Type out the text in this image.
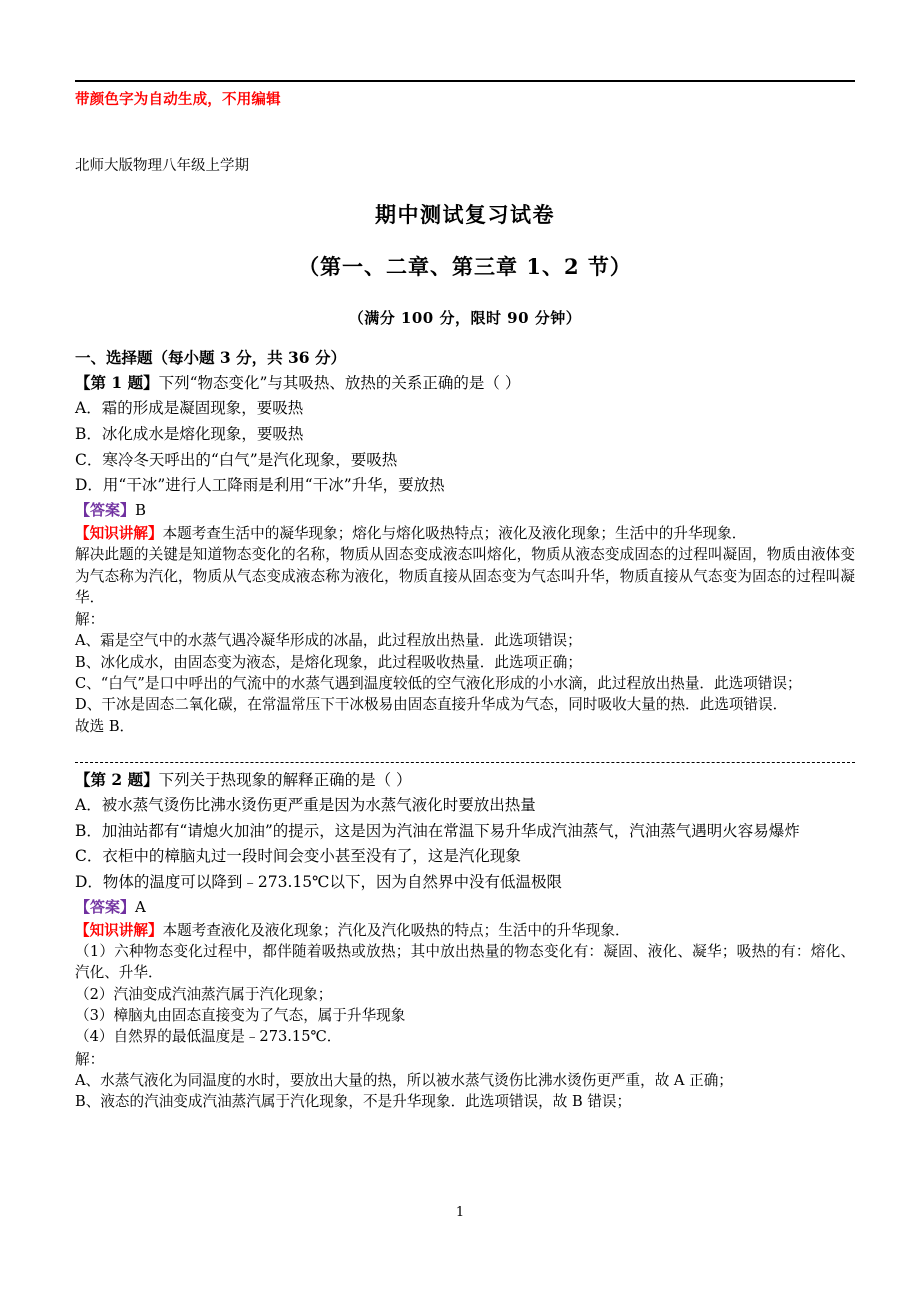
带颜色字为自动生成，不用编辑
北师大版物理八年级上学期
期中测试复习试卷
（第一、二章、第三章 1、2 节）
（满分 100 分，限时 90 分钟）
一、选择题（每小题 3 分，共 36 分）
【第 1 题】下列“物态变化”与其吸热、放热的关系正确的是（ ）
A．霜的形成是凝固现象，要吸热
B．冰化成水是熔化现象，要吸热
C．寒冷冬天呼出的“白气”是汽化现象，要吸热
D．用“干冰”进行人工降雨是利用“干冰”升华，要放热
【答案】B
【知识讲解】本题考查生活中的凝华现象；熔化与熔化吸热特点；液化及液化现象；生活中的升华现象．
解决此题的关键是知道物态变化的名称，物质从固态变成液态叫熔化，物质从液态变成固态的过程叫凝固，物质由液体变为气态称为汽化，物质从气态变成液态称为液化，物质直接从固态变为气态叫升华，物质直接从气态变为固态的过程叫凝华．
解：
A、霜是空气中的水蒸气遇冷凝华形成的冰晶，此过程放出热量．此选项错误；
B、冰化成水，由固态变为液态，是熔化现象，此过程吸收热量．此选项正确；
C、“白气”是口中呼出的气流中的水蒸气遇到温度较低的空气液化形成的小水滴，此过程放出热量．此选项错误；
D、干冰是固态二氧化碳，在常温常压下干冰极易由固态直接升华成为气态，同时吸收大量的热．此选项错误．
故选 B．
【第 2 题】下列关于热现象的解释正确的是（ ）
A．被水蒸气烫伤比沸水烫伤更严重是因为水蒸气液化时要放出热量
B．加油站都有“请熄火加油”的提示，这是因为汽油在常温下易升华成汽油蒸气，汽油蒸气遇明火容易爆炸
C．衣柜中的樟脑丸过一段时间会变小甚至没有了，这是汽化现象
D．物体的温度可以降到﹣273.15℃以下，因为自然界中没有低温极限
【答案】A
【知识讲解】本题考查液化及液化现象；汽化及汽化吸热的特点；生活中的升华现象．
（1）六种物态变化过程中，都伴随着吸热或放热；其中放出热量的物态变化有：凝固、液化、凝华；吸热的有：熔化、汽化、升华．
（2）汽油变成汽油蒸汽属于汽化现象；
（3）樟脑丸由固态直接变为了气态，属于升华现象
（4）自然界的最低温度是﹣273.15℃．
解：
A、水蒸气液化为同温度的水时，要放出大量的热，所以被水蒸气烫伤比沸水烫伤更严重，故 A 正确；
B、液态的汽油变成汽油蒸汽属于汽化现象，不是升华现象．此选项错误，故 B 错误；
1
